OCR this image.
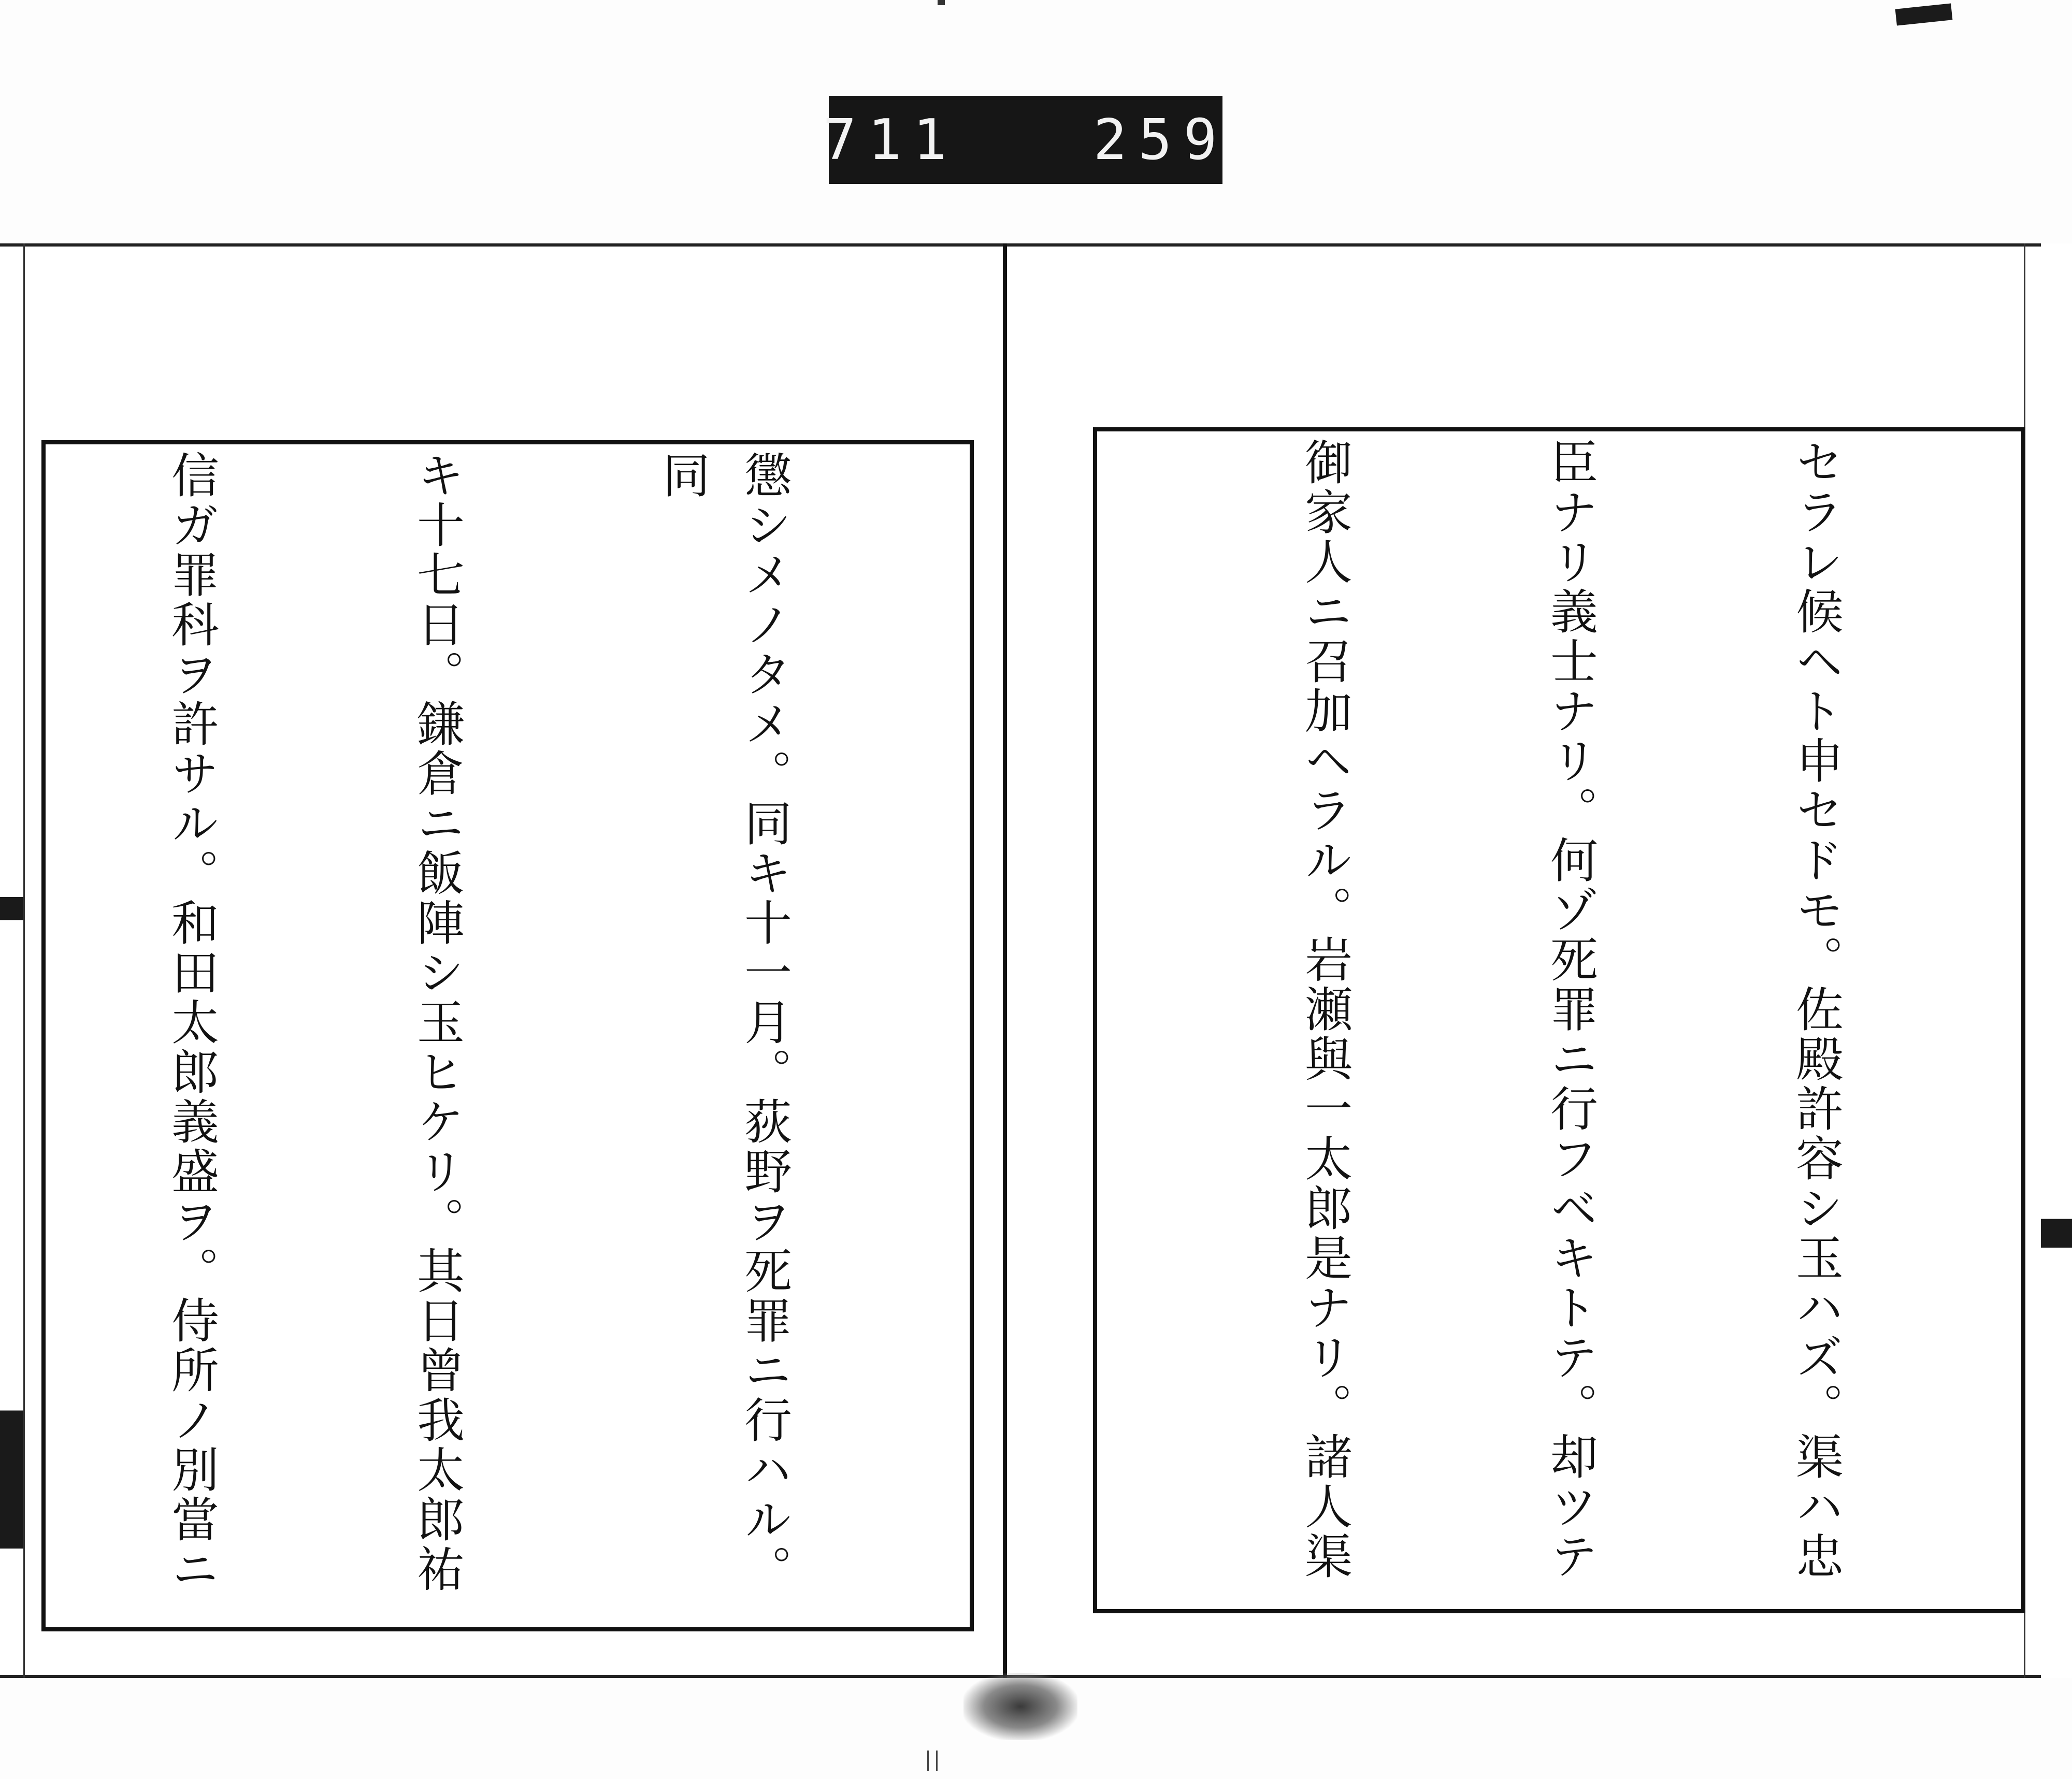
711   259

セラレ候ヘト申セドモ。佐殿許容シ玉ハズ。渠ハ忠

臣ナリ義士ナリ。何ゾ死罪ニ行フベキトテ。却ツテ

御家人ニ召加ヘラル。岩瀬與一太郎是ナリ。諸人渠

懲シメノタメ。同キ十一月。荻野ヲ死罪ニ行ハル。同

キ十七日。鎌倉ニ飯陣シ玉ヒケリ。其日曾我太郎祐

信ガ罪科ヲ許サル。和田太郎義盛ヲ。侍所ノ別當ニ
